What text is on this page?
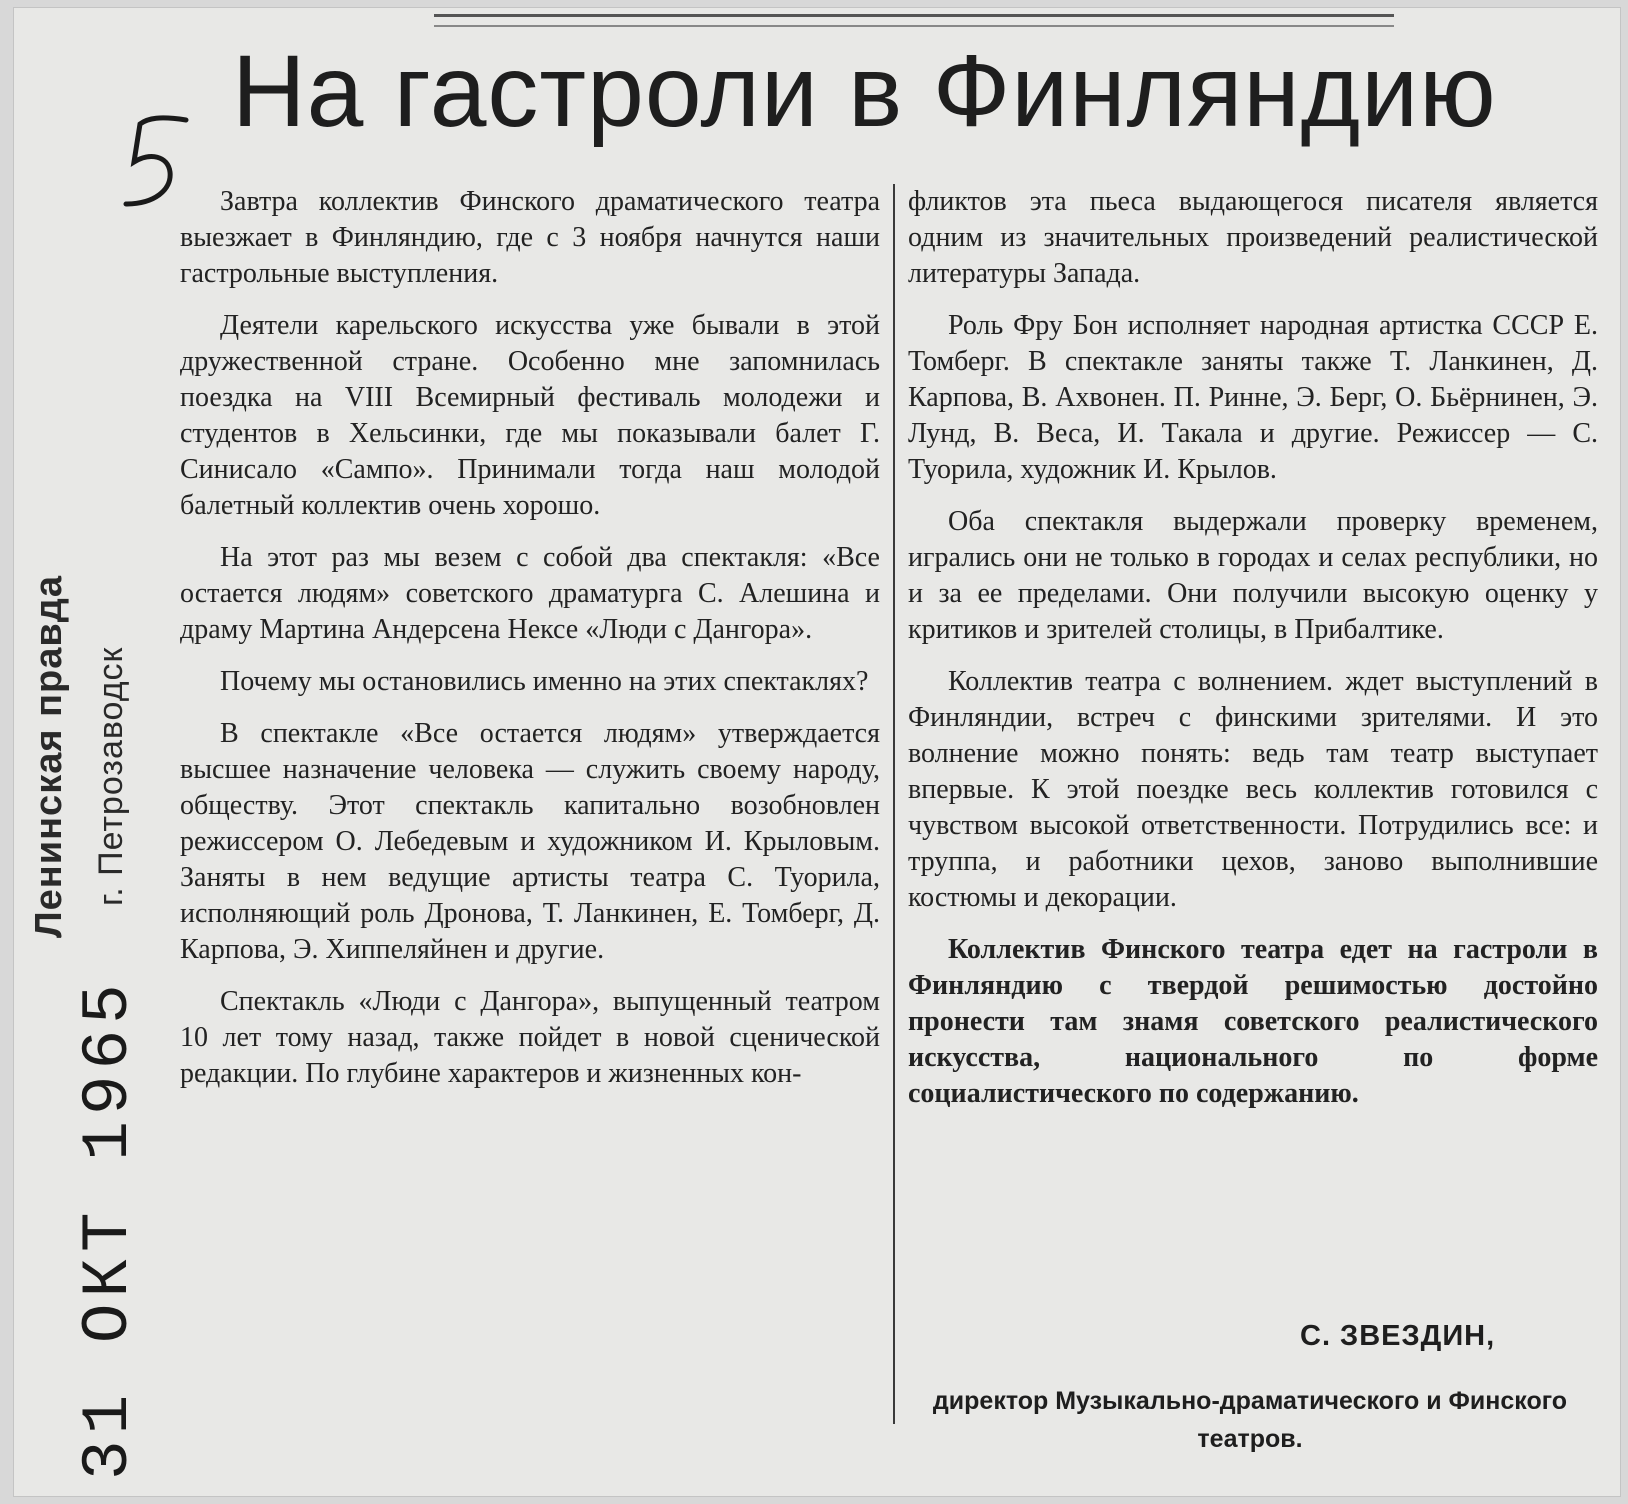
На гастроли в Финляндию
Ленинская правда г. Петрозаводск
31 ОКТ 1965

Завтра коллектив Финского драматического театра выезжает в Финляндию, где с 3 ноября начнутся наши гастрольные выступления.

Деятели карельского искусства уже бывали в этой дружественной стране. Особенно мне запомнилась поездка на VIII Всемирный фестиваль молодежи и студентов в Хельсинки, где мы показывали балет Г. Синисало «Сампо». Принимали тогда наш молодой балетный коллектив очень хорошо.

На этот раз мы везем с собой два спектакля: «Все остается людям» советского драматурга С. Алешина и драму Мартина Андерсена Нексе «Люди с Дангора».

Почему мы остановились именно на этих спектаклях?

В спектакле «Все остается людям» утверждается высшее назначение человека — служить своему народу, обществу. Этот спектакль капитально возобновлен режиссером О. Лебедевым и художником И. Крыловым. Заняты в нем ведущие артисты театра С. Туорила, исполняющий роль Дронова, Т. Ланкинен, Е. Томберг, Д. Карпова, Э. Хиппеляйнен и другие.

Спектакль «Люди с Дангора», выпущенный театром 10 лет тому назад, также пойдет в новой сценической редакции. По глубине характеров и жизненных кон-

фликтов эта пьеса выдающегося писателя является одним из значительных произведений реалистической литературы Запада.

Роль Фру Бон исполняет народная артистка СССР Е. Томберг. В спектакле заняты также Т. Ланкинен, Д. Карпова, В. Ахвонен. П. Ринне, Э. Берг, О. Бьёрнинен, Э. Лунд, В. Веса, И. Такала и другие. Режиссер — С. Туорила, художник И. Крылов.

Оба спектакля выдержали проверку временем, игрались они не только в городах и селах республики, но и за ее пределами. Они получили высокую оценку у критиков и зрителей столицы, в Прибалтике.

Коллектив театра с волнением. ждет выступлений в Финляндии, встреч с финскими зрителями. И это волнение можно понять: ведь там театр выступает впервые. К этой поездке весь коллектив готовился с чувством высокой ответственности. Потрудились все: и труппа, и работники цехов, заново выполнившие костюмы и декорации.

Коллектив Финского театра едет на гастроли в Финляндию с твердой решимостью достойно пронести там знамя советского реалистического искусства, национального по форме социалистического по содержанию.

С. ЗВЕЗДИН,
директор Музыкально-драматического и Финского театров.
